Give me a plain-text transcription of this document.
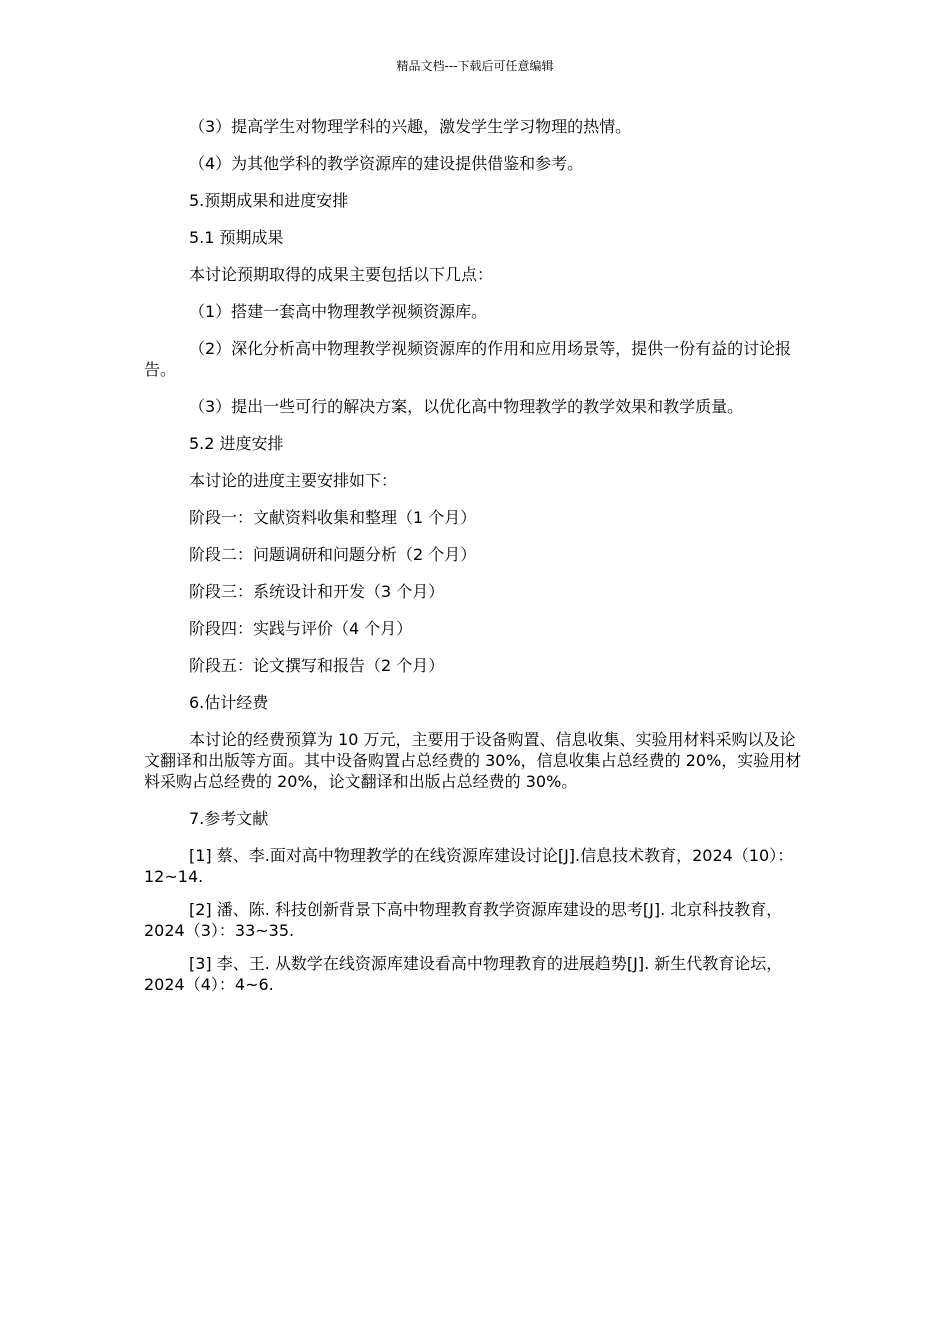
精品文档---下载后可任意编辑

（3）提高学生对物理学科的兴趣，激发学生学习物理的热情。

（4）为其他学科的教学资源库的建设提供借鉴和参考。

5.预期成果和进度安排

5.1 预期成果

本讨论预期取得的成果主要包括以下几点：

（1）搭建一套高中物理教学视频资源库。

（2）深化分析高中物理教学视频资源库的作用和应用场景等，提供一份有益的讨论报告。

（3）提出一些可行的解决方案，以优化高中物理教学的教学效果和教学质量。

5.2 进度安排

本讨论的进度主要安排如下：

阶段一：文献资料收集和整理（1 个月）

阶段二：问题调研和问题分析（2 个月）

阶段三：系统设计和开发（3 个月）

阶段四：实践与评价（4 个月）

阶段五：论文撰写和报告（2 个月）

6.估计经费

本讨论的经费预算为 10 万元，主要用于设备购置、信息收集、实验用材料采购以及论文翻译和出版等方面。其中设备购置占总经费的 30%，信息收集占总经费的 20%，实验用材料采购占总经费的 20%，论文翻译和出版占总经费的 30%。

7.参考文献

[1] 蔡、李.面对高中物理教学的在线资源库建设讨论[J].信息技术教育，2024（10）：12~14.

[2] 潘、陈. 科技创新背景下高中物理教育教学资源库建设的思考[J]. 北京科技教育，2024（3）：33~35.

[3] 李、王. 从数学在线资源库建设看高中物理教育的进展趋势[J]. 新生代教育论坛，2024（4）：4~6.
